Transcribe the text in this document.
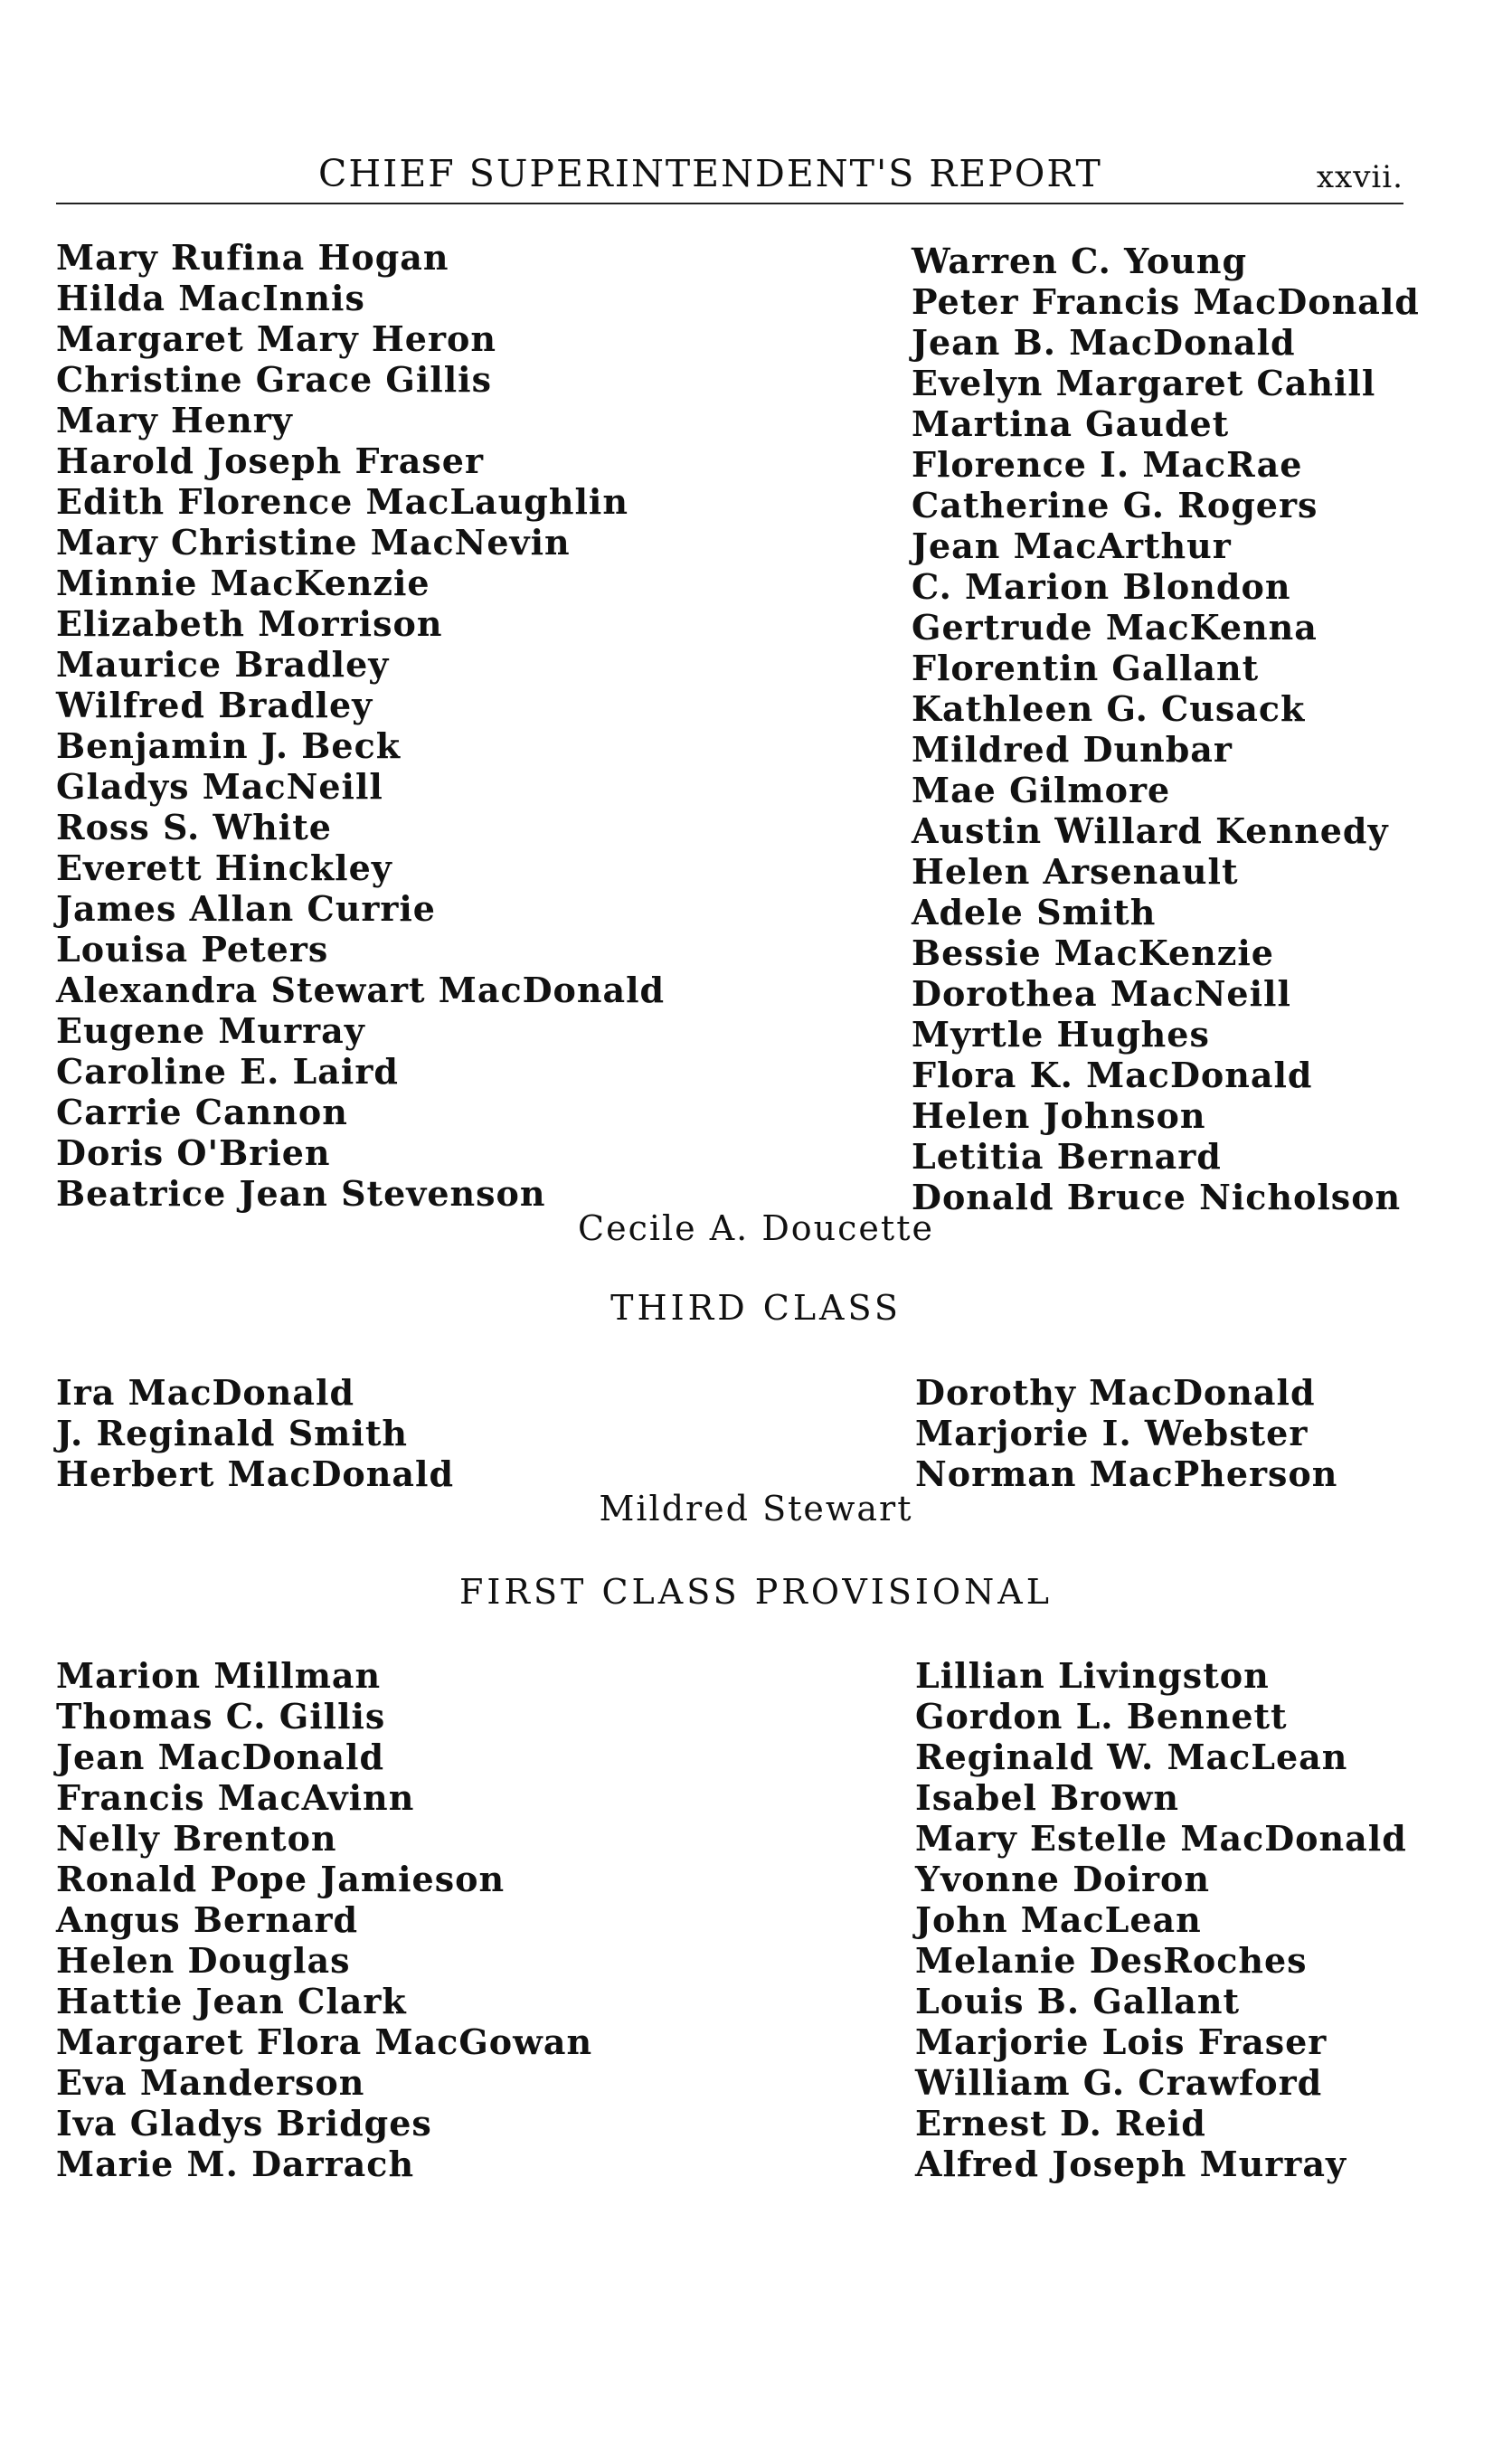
CHIEF SUPERINTENDENT'S REPORT	xxvii.
Mary Rufina Hogan
Hilda MacInnis
Margaret Mary Heron
Christine Grace Gillis
Mary Henry
Harold Joseph Fraser
Edith Florence MacLaughlin
Mary Christine MacNevin
Minnie MacKenzie
Elizabeth Morrison
Maurice Bradley
Wilfred Bradley
Benjamin J. Beck
Gladys MacNeill
Ross S. White
Everett Hinckley
James Allan Currie
Louisa Peters
Alexandra Stewart MacDonald
Eugene Murray
Caroline E. Laird
Carrie Cannon
Doris O'Brien
Beatrice Jean Stevenson
Warren C. Young
Peter Francis MacDonald
Jean B. MacDonald
Evelyn Margaret Cahill
Martina Gaudet
Florence I. MacRae
Catherine G. Rogers
Jean MacArthur
C. Marion Blondon
Gertrude MacKenna
Florentin Gallant
Kathleen G. Cusack
Mildred Dunbar
Mae Gilmore
Austin Willard Kennedy
Helen Arsenault
Adele Smith
Bessie MacKenzie
Dorothea MacNeill
Myrtle Hughes
Flora K. MacDonald
Helen Johnson
Letitia Bernard
Donald Bruce Nicholson
Cecile A. Doucette
THIRD CLASS
Ira MacDonald
J. Reginald Smith
Herbert MacDonald
Dorothy MacDonald
Marjorie I. Webster
Norman MacPherson
Mildred Stewart
FIRST CLASS PROVISIONAL
Marion Millman
Thomas C. Gillis
Jean MacDonald
Francis MacAvinn
Nelly Brenton
Ronald Pope Jamieson
Angus Bernard
Helen Douglas
Hattie Jean Clark
Margaret Flora MacGowan
Eva Manderson
Iva Gladys Bridges
Marie M. Darrach
Lillian Livingston
Gordon L. Bennett
Reginald W. MacLean
Isabel Brown
Mary Estelle MacDonald
Yvonne Doiron
John MacLean
Melanie DesRoches
Louis B. Gallant
Marjorie Lois Fraser
William G. Crawford
Ernest D. Reid
Alfred Joseph Murray
